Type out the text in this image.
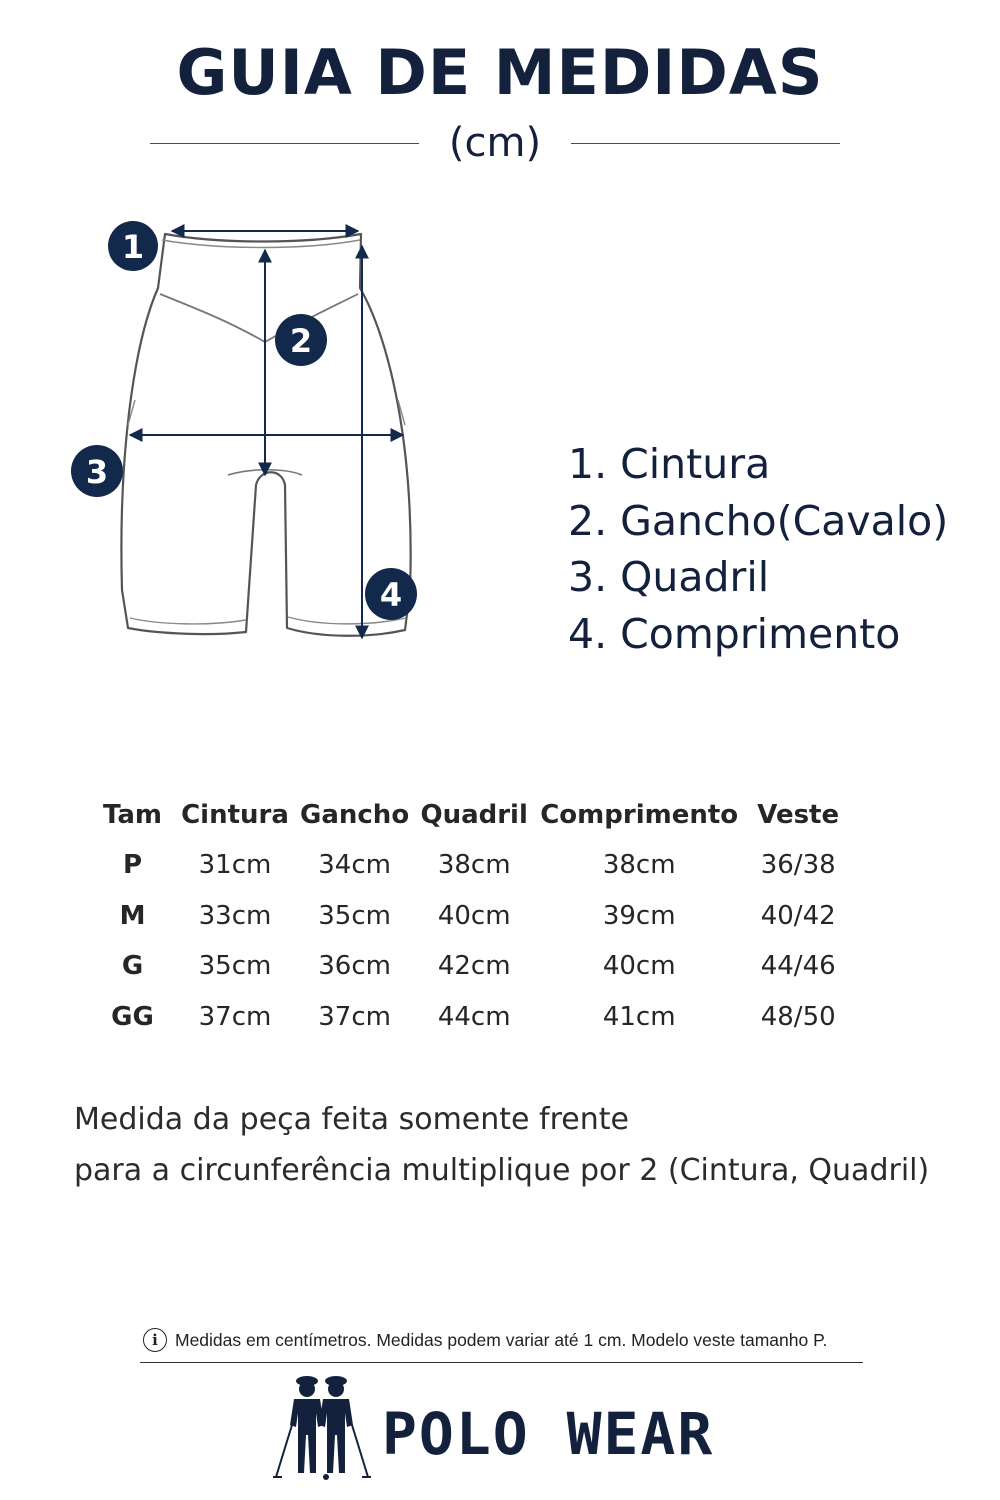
GUIA DE MEDIDAS
(cm)
1
2
3
4
1. Cintura
2. Gancho(Cavalo)
3. Quadril
4. Comprimento
Tam	Cintura	Gancho	Quadril	Comprimento	Veste
P	31cm	34cm	38cm	38cm	36/38
M	33cm	35cm	40cm	39cm	40/42
G	35cm	36cm	42cm	40cm	44/46
GG	37cm	37cm	44cm	41cm	48/50
Medida da peça feita somente frente
para a circunferência multiplique por 2 (Cintura, Quadril)
i Medidas em centímetros. Medidas podem variar até 1 cm. Modelo veste tamanho P.
POLO WEAR
